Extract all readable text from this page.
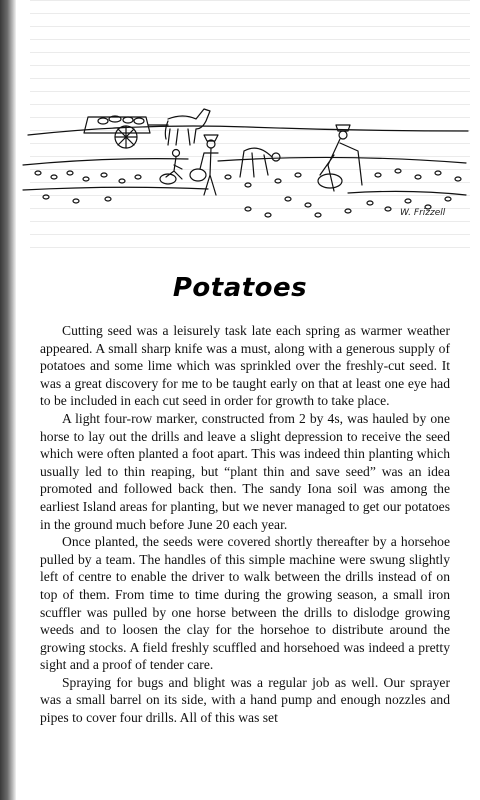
W. Frizzell
Potatoes

Cutting seed was a leisurely task late each spring as warmer weather appeared. A small sharp knife was a must, along with a generous supply of potatoes and some lime which was sprinkled over the freshly-cut seed. It was a great discovery for me to be taught early on that at least one eye had to be included in each cut seed in order for growth to take place.

A light four-row marker, constructed from 2 by 4s, was hauled by one horse to lay out the drills and leave a slight depression to receive the seed which were often planted a foot apart. This was indeed thin planting which usually led to thin reaping, but “plant thin and save seed” was an idea promoted and followed back then. The sandy Iona soil was among the earliest Island areas for planting, but we never managed to get our potatoes in the ground much before June 20 each year.

Once planted, the seeds were covered shortly thereafter by a horsehoe pulled by a team. The handles of this simple machine were swung slightly left of centre to enable the driver to walk between the drills instead of on top of them. From time to time during the growing season, a small iron scuffler was pulled by one horse between the drills to dislodge growing weeds and to loosen the clay for the horsehoe to distribute around the growing stocks. A field freshly scuffled and horsehoed was indeed a pretty sight and a proof of tender care.

Spraying for bugs and blight was a regular job as well. Our sprayer was a small barrel on its side, with a hand pump and enough nozzles and pipes to cover four drills. All of this was set
